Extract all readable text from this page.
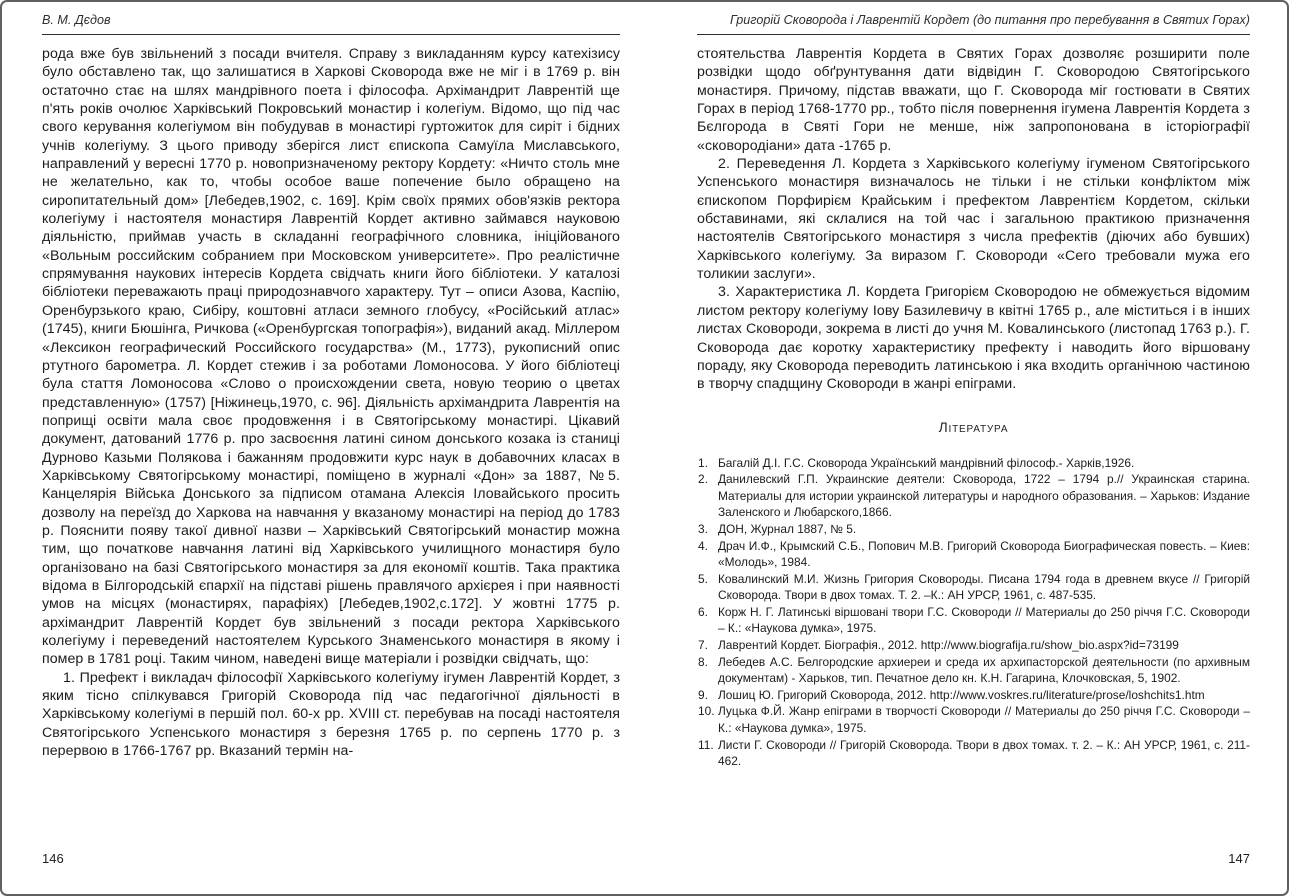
В. М. Дєдов

рода вже був звільнений з посади вчителя. Справу з викладанням курсу катехізису було обставлено так, що залишатися в Харкові Сковорода вже не міг і в 1769 р. він остаточно стає на шлях мандрівного поета і філософа. Архімандрит Лаврентій ще п'ять років очолює Харківський Покровський монастир і колегіум. Відомо, що під час свого керування колегіумом він побудував в монастирі гуртожиток для сиріт і бідних учнів колегіуму. З цього приводу зберігся лист єпископа Самуїла Миславського, направлений у вересні 1770 р. новопризначеному ректору Кордету: «Ничто столь мне не желательно, как то, чтобы особое ваше попечение было обращено на сиропитательный дом» [Лебедев,1902, с. 169]. Крім своїх прямих обов'язків ректора колегіуму і настоятеля монастиря Лаврентій Кордет активно займався науковою діяльністю, приймав участь в складанні географічного словника, ініційованого «Вольным российским собранием при Московском университете». Про реалістичне спрямування наукових інтересів Кордета свідчать книги його бібліотеки. У каталозі бібліотеки переважають праці природознавчого характеру. Тут – описи Азова, Каспію, Оренбурзького краю, Сибіру, коштовні атласи земного глобусу, «Російський атлас» (1745), книги Бюшінга, Ричкова («Оренбургская топографія»), виданий акад. Міллером «Лексикон географический Российского государства» (М., 1773), рукописний опис ртутного барометра. Л. Кордет стежив і за роботами Ломоносова. У його бібліотеці була стаття Ломоносова «Слово о происхождении света, новую теорию о цветах представленную» (1757) [Ніжинець,1970, с. 96]. Діяльність архімандрита Лаврентія на поприщі освіти мала своє продовження і в Святогірському монастирі. Цікавий документ, датований 1776 р. про засвоєння латині сином донського козака із станиці Дурново Казьми Полякова і бажанням продовжити курс наук в добавочних класах в Харківському Святогірському монастирі, поміщено в журналі «Дон» за 1887, №5. Канцелярія Війська Донського за підписом отамана Алексія Іловайського просить дозволу на переїзд до Харкова на навчання у вказаному монастирі на період до 1783 р. Пояснити появу такої дивної назви – Харківський Святогірський монастир можна тим, що початкове навчання латині від Харківського училищного монастиря було організовано на базі Святогірського монастиря за для економії коштів. Така практика відома в Білгородській єпархії на підставі рішень правлячого архієрея і при наявності умов на місцях (монастирях, парафіях) [Лебедев,1902,с.172]. У жовтні 1775 р. архімандрит Лаврентій Кордет був звільнений з посади ректора Харківського колегіуму і переведений настоятелем Курського Знаменського монастиря в якому і помер в 1781 році. Таким чином, наведені вище матеріали і розвідки свідчать, що:

1. Префект і викладач філософії Харківського колегіуму ігумен Лаврентій Кордет, з яким тісно спілкувався Григорій Сковорода під час педагогічної діяльності в Харківському колегіумі в першій пол. 60-х рр. XVIII ст. перебував на посаді настоятеля Святогірського Успенського монастиря з березня 1765 р. по серпень 1770 р. з перервою в 1766-1767 рр. Вказаний термін на-

146
Григорій Сковорода і Лаврентій Кордет (до питання про перебування в Святих Горах)

стоятельства Лаврентія Кордета в Святих Горах дозволяє розширити поле розвідки щодо обґрунтування дати відвідин Г. Сковородою Святогірського монастиря. Причому, підстав вважати, що Г. Сковорода міг гостювати в Святих Горах в період 1768-1770 рр., тобто після повернення ігумена Лаврентія Кордета з Бєлгорода в Святі Гори не менше, ніж запропонована в історіографії «сковородіани» дата -1765 р.

2. Переведення Л. Кордета з Харківського колегіуму ігуменом Святогірського Успенського монастиря визначалось не тільки і не стільки конфліктом між єпископом Порфирієм Крайським і префектом Лаврентієм Кордетом, скільки обставинами, які склалися на той час і загальною практикою призначення настоятелів Святогірського монастиря з числа префектів (діючих або бувших) Харківського колегіуму. За виразом Г. Сковороди «Сего требовали мужа его толикии заслуги».

3. Характеристика Л. Кордета Григорієм Сковородою не обмежується відомим листом ректору колегіуму Іову Базилевичу в квітні 1765 р., але міститься і в інших листах Сковороди, зокрема в листі до учня М. Ковалинського (листопад 1763 р.). Г. Сковорода дає коротку характеристику префекту і наводить його віршовану пораду, яку Сковорода переводить латинською і яка входить органічною частиною в творчу спадщину Сковороди в жанрі епіграми.

Література
Багалій Д.І. Г.С. Сковорода Український мандрівний філософ.- Харків,1926.
Данилевский Г.П. Украинские деятели: Сковорода, 1722 – 1794 р.// Украинская старина. Материалы для истории украинской литературы и народного образования. – Харьков: Издание Заленского и Любарского,1866.
ДОН, Журнал 1887, № 5.
Драч И.Ф., Крымский С.Б., Попович М.В. Григорий Сковорода Биографическая повесть. – Киев: «Молодь», 1984.
Ковалинский М.И. Жизнь Григория Сковороды. Писана 1794 года в древнем вкусе // Григорій Сковорода. Твори в двох томах. Т. 2. –К.: АН УРСР, 1961, с. 487-535.
Корж Н. Г. Латинські віршовані твори Г.С. Сковороди // Материалы до 250 річчя Г.С. Сковороди – К.: «Наукова думка», 1975.
Лаврентий Кордет. Біографія., 2012. http://www.biografija.ru/show_bio.aspx?id=73199
Лебедев А.С. Белгородские архиереи и среда их архипасторской деятельности (по архивным документам) - Харьков, тип. Печатное дело кн. К.Н. Гагарина, Клочковская, 5, 1902.
Лошиц Ю. Григорий Сковорода, 2012. http://www.voskres.ru/literature/prose/loshchits1.htm
Луцька Ф.Й. Жанр епіграми в творчості Сковороди // Материалы до 250 річчя Г.С. Сковороди – К.: «Наукова думка», 1975.
Листи Г. Сковороди // Григорій Сковорода. Твори в двох томах. т. 2. – К.: АН УРСР, 1961, с. 211-462.
147
